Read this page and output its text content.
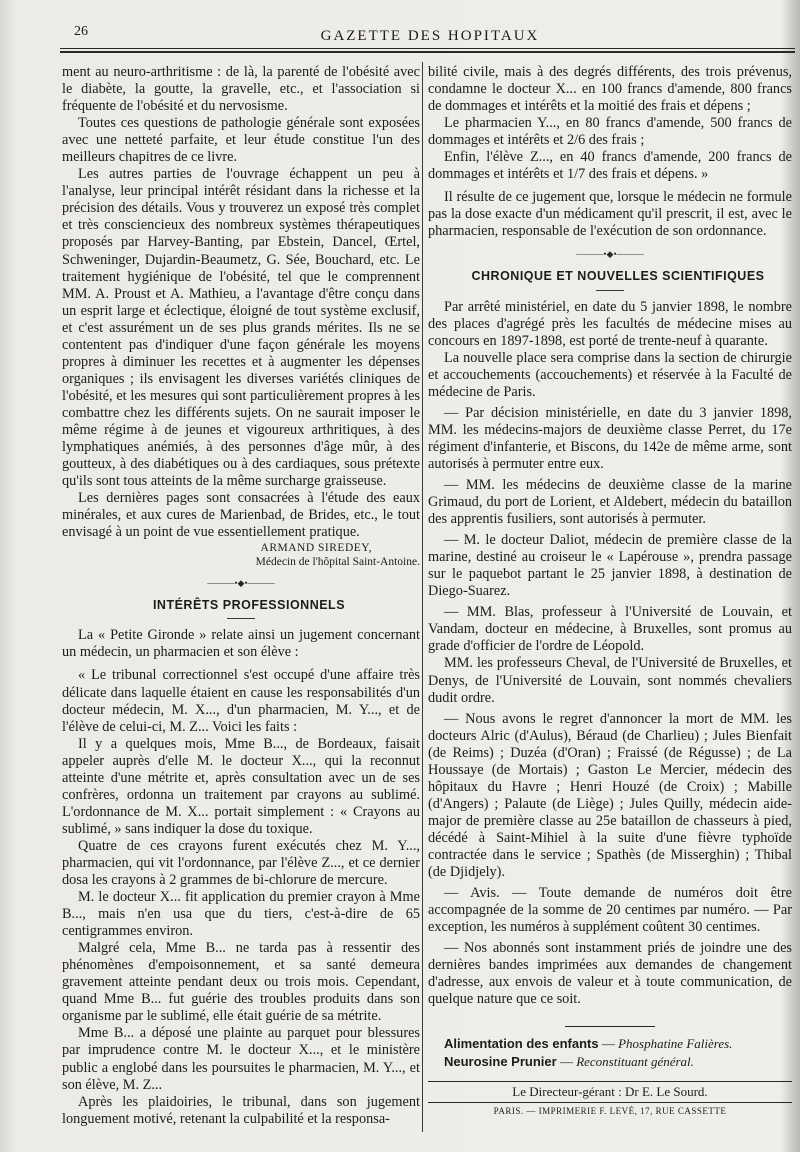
26	GAZETTE DES HOPITAUX

ment au neuro-arthritisme : de là, la parenté de l'obésité avec le diabète, la goutte, la gravelle, etc., et l'association si fréquente de l'obésité et du nervosisme.

Toutes ces questions de pathologie générale sont exposées avec une netteté parfaite, et leur étude constitue l'un des meilleurs chapitres de ce livre.

Les autres parties de l'ouvrage échappent un peu à l'analyse, leur principal intérêt résidant dans la richesse et la précision des détails. Vous y trouverez un exposé très complet et très consciencieux des nombreux systèmes thérapeutiques proposés par Harvey-Banting, par Ebstein, Dancel, Œrtel, Schweninger, Dujardin-Beaumetz, G. Sée, Bouchard, etc. Le traitement hygiénique de l'obésité, tel que le comprennent MM. A. Proust et A. Mathieu, a l'avantage d'être conçu dans un esprit large et éclectique, éloigné de tout système exclusif, et c'est assurément un de ses plus grands mérites. Ils ne se contentent pas d'indiquer d'une façon générale les moyens propres à diminuer les recettes et à augmenter les dépenses organiques ; ils envisagent les diverses variétés cliniques de l'obésité, et les mesures qui sont particulièrement propres à les combattre chez les différents sujets. On ne saurait imposer le même régime à de jeunes et vigoureux arthritiques, à des lymphatiques anémiés, à des personnes d'âge mûr, à des goutteux, à des diabétiques ou à des cardiaques, sous prétexte qu'ils sont tous atteints de la même surcharge graisseuse.

Les dernières pages sont consacrées à l'étude des eaux minérales, et aux cures de Marienbad, de Brides, etc., le tout envisagé à un point de vue essentiellement pratique.

ARMAND SIREDEY,
Médecin de l'hôpital Saint-Antoine.
———•◆•———

INTÉRÊTS PROFESSIONNELS

La « Petite Gironde » relate ainsi un jugement concernant un médecin, un pharmacien et son élève :

« Le tribunal correctionnel s'est occupé d'une affaire très délicate dans laquelle étaient en cause les responsabilités d'un docteur médecin, M. X..., d'un pharmacien, M. Y..., et de l'élève de celui-ci, M. Z... Voici les faits :

Il y a quelques mois, Mme B..., de Bordeaux, faisait appeler auprès d'elle M. le docteur X..., qui la reconnut atteinte d'une métrite et, après consultation avec un de ses confrères, ordonna un traitement par crayons au sublimé. L'ordonnance de M. X... portait simplement : « Crayons au sublimé, » sans indiquer la dose du toxique.

Quatre de ces crayons furent exécutés chez M. Y..., pharmacien, qui vit l'ordonnance, par l'élève Z..., et ce dernier dosa les crayons à 2 grammes de bi-chlorure de mercure.

M. le docteur X... fit application du premier crayon à Mme B..., mais n'en usa que du tiers, c'est-à-dire de 65 centigrammes environ.

Malgré cela, Mme B... ne tarda pas à ressentir des phénomènes d'empoisonnement, et sa santé demeura gravement atteinte pendant deux ou trois mois. Cependant, quand Mme B... fut guérie des troubles produits dans son organisme par le sublimé, elle était guérie de sa métrite.

Mme B... a déposé une plainte au parquet pour blessures par imprudence contre M. le docteur X..., et le ministère public a englobé dans les poursuites le pharmacien, M. Y..., et son élève, M. Z...

Après les plaidoiries, le tribunal, dans son jugement longuement motivé, retenant la culpabilité et la responsa-

bilité civile, mais à des degrés différents, des trois prévenus, condamne le docteur X... en 100 francs d'amende, 800 francs de dommages et intérêts et la moitié des frais et dépens ;

Le pharmacien Y..., en 80 francs d'amende, 500 francs de dommages et intérêts et 2/6 des frais ;

Enfin, l'élève Z..., en 40 francs d'amende, 200 francs de dommages et intérêts et 1/7 des frais et dépens. »

Il résulte de ce jugement que, lorsque le médecin ne formule pas la dose exacte d'un médicament qu'il prescrit, il est, avec le pharmacien, responsable de l'exécution de son ordonnance.

———•◆•———

CHRONIQUE ET NOUVELLES SCIENTIFIQUES

Par arrêté ministériel, en date du 5 janvier 1898, le nombre des places d'agrégé près les facultés de médecine mises au concours en 1897-1898, est porté de trente-neuf à quarante.

La nouvelle place sera comprise dans la section de chirurgie et accouchements (accouchements) et réservée à la Faculté de médecine de Paris.

— Par décision ministérielle, en date du 3 janvier 1898, MM. les médecins-majors de deuxième classe Perret, du 17e régiment d'infanterie, et Biscons, du 142e de même arme, sont autorisés à permuter entre eux.

— MM. les médecins de deuxième classe de la marine Grimaud, du port de Lorient, et Aldebert, médecin du bataillon des apprentis fusiliers, sont autorisés à permuter.

— M. le docteur Daliot, médecin de première classe de la marine, destiné au croiseur le « Lapérouse », prendra passage sur le paquebot partant le 25 janvier 1898, à destination de Diego-Suarez.

— MM. Blas, professeur à l'Université de Louvain, et Vandam, docteur en médecine, à Bruxelles, sont promus au grade d'officier de l'ordre de Léopold.

MM. les professeurs Cheval, de l'Université de Bruxelles, et Denys, de l'Université de Louvain, sont nommés chevaliers dudit ordre.

— Nous avons le regret d'annoncer la mort de MM. les docteurs Alric (d'Aulus), Béraud (de Charlieu) ; Jules Bienfait (de Reims) ; Duzéa (d'Oran) ; Fraissé (de Régusse) ; de La Houssaye (de Mortais) ; Gaston Le Mercier, médecin des hôpitaux du Havre ; Henri Houzé (de Croix) ; Mabille (d'Angers) ; Palaute (de Liège) ; Jules Quilly, médecin aide-major de première classe au 25e bataillon de chasseurs à pied, décédé à Saint-Mihiel à la suite d'une fièvre typhoïde contractée dans le service ; Spathès (de Misserghin) ; Thibal (de Djidjely).

— Avis. — Toute demande de numéros doit être accompagnée de la somme de 20 centimes par numéro. — Par exception, les numéros à supplément coûtent 30 centimes.

— Nos abonnés sont instamment priés de joindre une des dernières bandes imprimées aux demandes de changement d'adresse, aux envois de valeur et à toute communication, de quelque nature que ce soit.

Alimentation des enfants — Phosphatine Falières.

Neurosine Prunier — Reconstituant général.

Le Directeur-gérant : Dr E. Le Sourd.
PARIS. — IMPRIMERIE F. LEVÉ, 17, RUE CASSETTE
